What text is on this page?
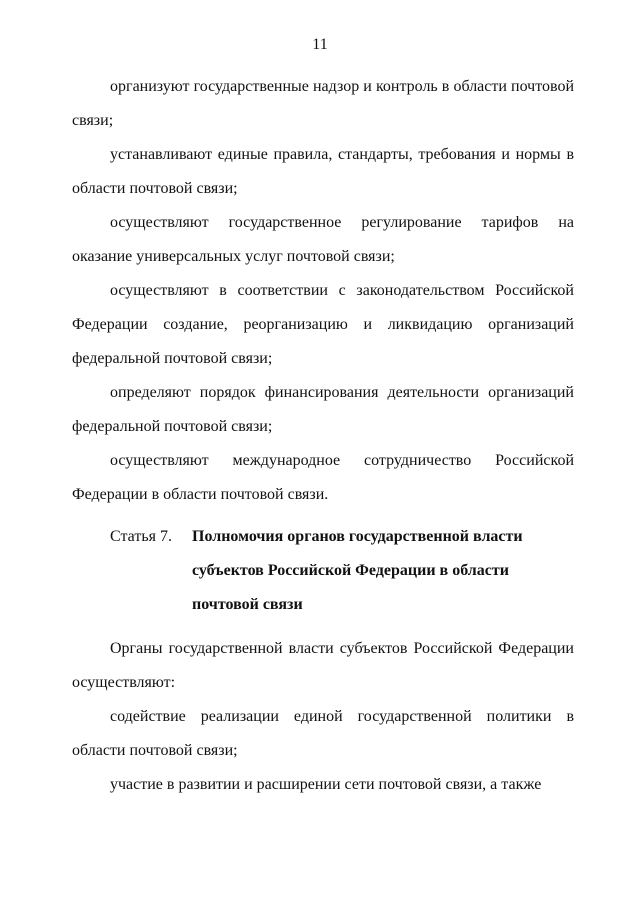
11

организуют государственные надзор и контроль в области почтовой связи;

устанавливают единые правила, стандарты, требования и нормы в области почтовой связи;

осуществляют государственное регулирование тарифов на оказание универсальных услуг почтовой связи;

осуществляют в соответствии с законодательством Российской Федерации создание, реорганизацию и ликвидацию организаций федеральной почтовой связи;

определяют порядок финансирования деятельности организаций федеральной почтовой связи;

осуществляют международное сотрудничество Российской Федерации в области почтовой связи.

Статья 7.	Полномочия органов государственной власти субъектов Российской Федерации в области почтовой связи

Органы государственной власти субъектов Российской Федерации осуществляют:

содействие реализации единой государственной политики в области почтовой связи;

участие в развитии и расширении сети почтовой связи, а также
